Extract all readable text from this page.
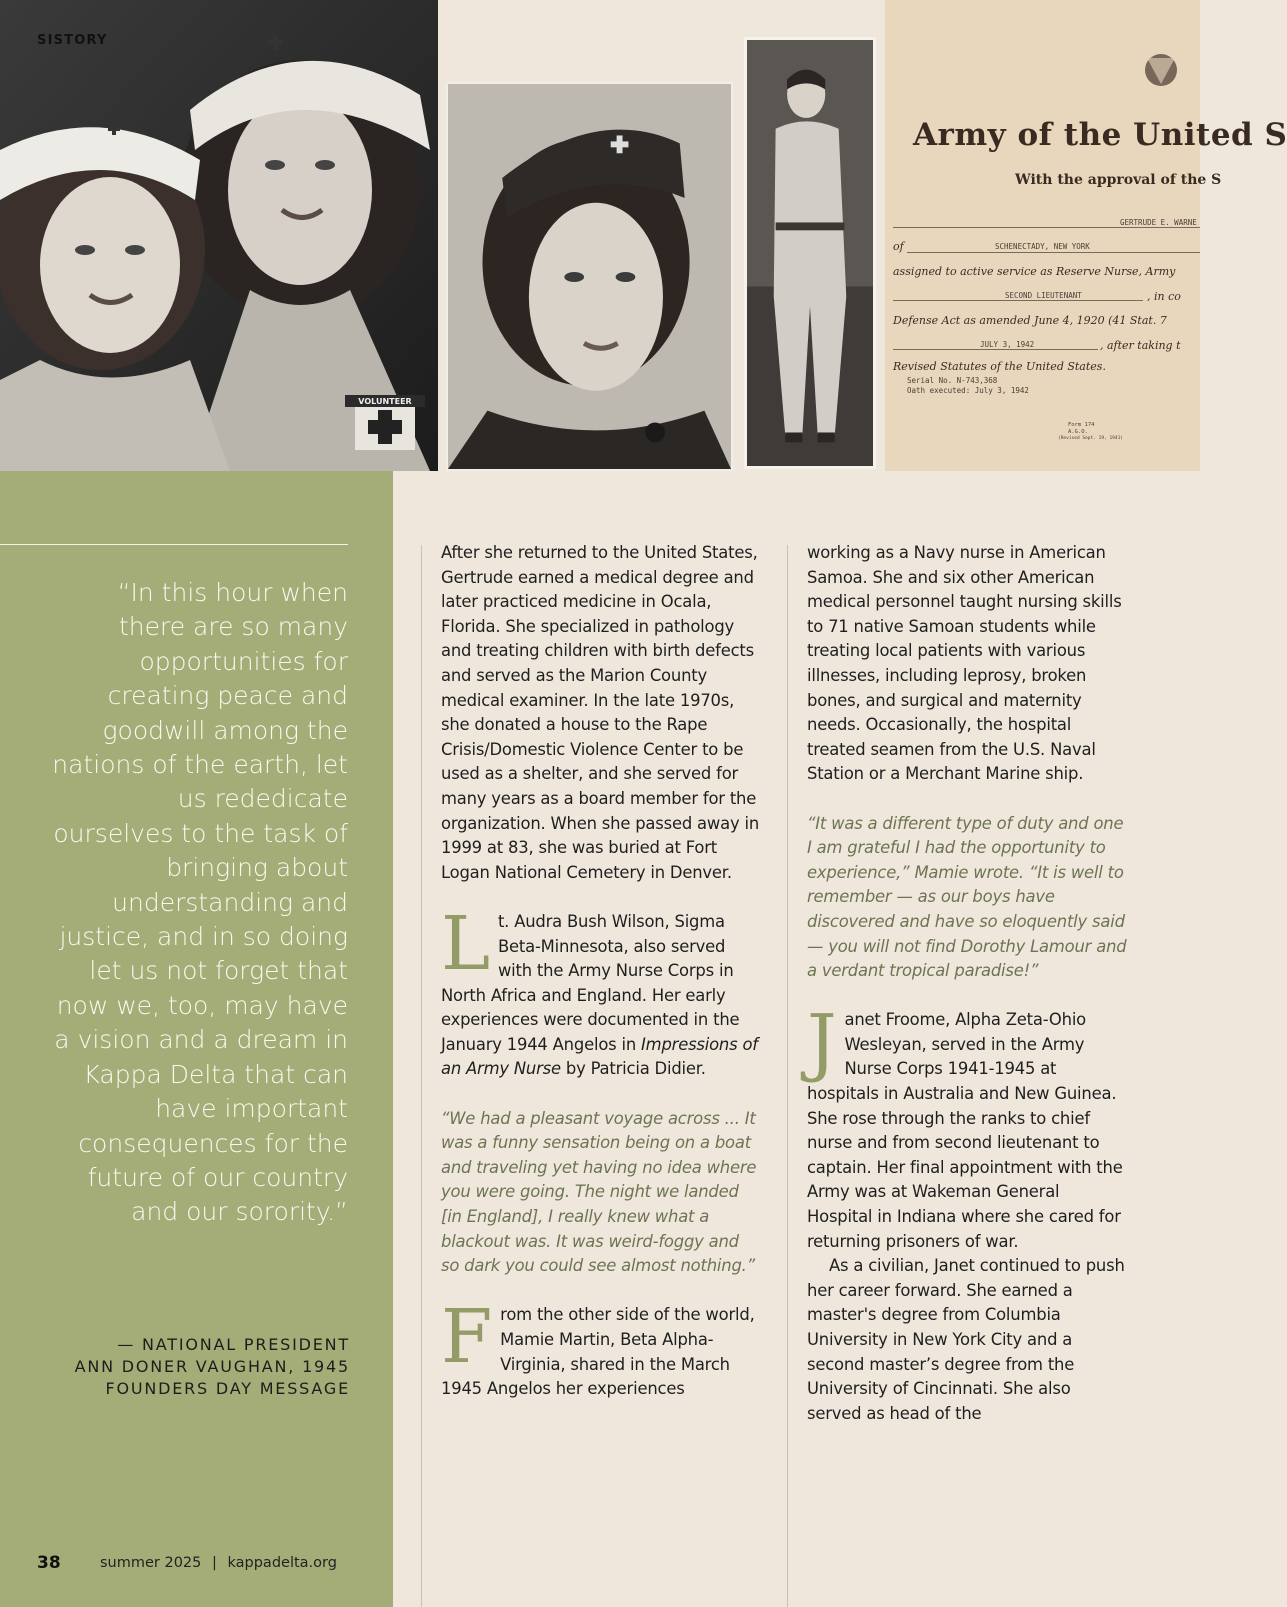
VOLUNTEER
SISTORY
Army of the United S
With the approval of the S
GERTRUDE E. WARNE
of	SCHENECTADY, NEW YORK
assigned to active service as Reserve Nurse, Army
SECOND LIEUTENANT	, in co
Defense Act as amended June 4, 1920 (41 Stat. 7
JULY 3, 1942	, after taking t
Revised Statutes of the United States.
Serial No. N-743,368
Oath executed: July 3, 1942
Form 174
A.G.O.
(Revised Sept. 19, 1941)
“In this hour when there are so many opportunities for creating peace and goodwill among the nations of the earth, let us rededicate ourselves to the task of bringing about understanding and justice, and in so doing let us not forget that now we, too, may have a vision and a dream in Kappa Delta that can have important consequences for the future of our country and our sorority.”
— NATIONAL PRESIDENT
ANN DONER VAUGHAN, 1945
FOUNDERS DAY MESSAGE
38	summer 2025 | kappadelta.org

After she returned to the United States, Gertrude earned a medical degree and later practiced medicine in Ocala, Florida. She specialized in pathology and treating children with birth defects and served as the Marion County medical examiner. In the late 1970s, she donated a house to the Rape Crisis/Domestic Violence Center to be used as a shelter, and she served for many years as a board member for the organization. When she passed away in 1999 at 83, she was buried at Fort Logan National Cemetery in Denver.

Lt. Audra Bush Wilson, Sigma Beta-Minnesota, also served with the Army Nurse Corps in North Africa and England. Her early experiences were documented in the January 1944 Angelos in Impressions of an Army Nurse by Patricia Didier.

“We had a pleasant voyage across ... It was a funny sensation being on a boat and traveling yet having no idea where you were going. The night we landed [in England], I really knew what a blackout was. It was weird-foggy and so dark you could see almost nothing.”

From the other side of the world, Mamie Martin, Beta Alpha-Virginia, shared in the March 1945 Angelos her experiences

working as a Navy nurse in American Samoa. She and six other American medical personnel taught nursing skills to 71 native Samoan students while treating local patients with various illnesses, including leprosy, broken bones, and surgical and maternity needs. Occasionally, the hospital treated seamen from the U.S. Naval Station or a Merchant Marine ship.

“It was a different type of duty and one I am grateful I had the opportunity to experience,” Mamie wrote. “It is well to remember — as our boys have discovered and have so eloquently said — you will not find Dorothy Lamour and a verdant tropical paradise!”

Janet Froome, Alpha Zeta-Ohio Wesleyan, served in the Army Nurse Corps 1941-1945 at hospitals in Australia and New Guinea. She rose through the ranks to chief nurse and from second lieutenant to captain. Her final appointment with the Army was at Wakeman General Hospital in Indiana where she cared for returning prisoners of war.

As a civilian, Janet continued to push her career forward. She earned a master's degree from Columbia University in New York City and a second master’s degree from the University of Cincinnati. She also served as head of the
